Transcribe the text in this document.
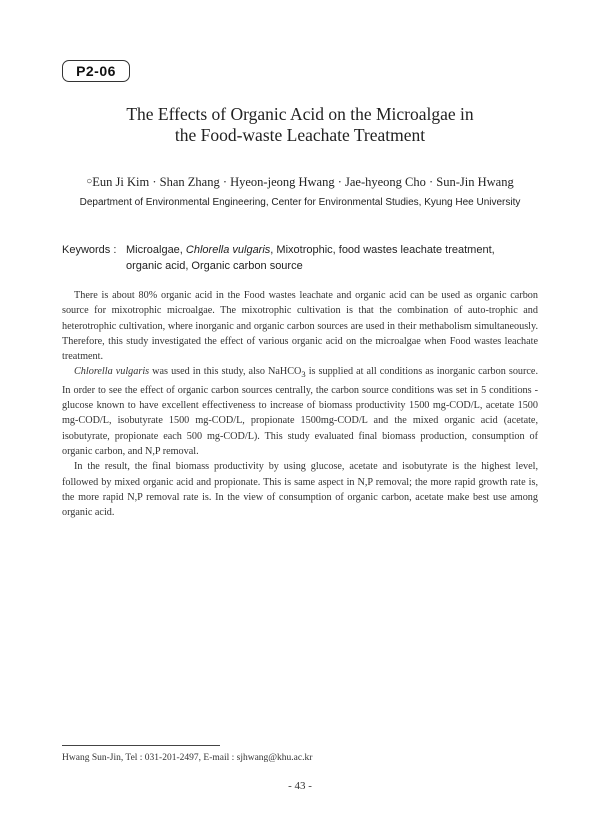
P2-06
The Effects of Organic Acid on the Microalgae in
the Food-waste Leachate Treatment
○Eun Ji Kim · Shan Zhang · Hyeon-jeong Hwang · Jae-hyeong Cho · Sun-Jin Hwang
Department of Environmental Engineering, Center for Environmental Studies, Kyung Hee University
Keywords : Microalgae, Chlorella vulgaris, Mixotrophic, food wastes leachate treatment,
organic acid, Organic carbon source

There is about 80% organic acid in the Food wastes leachate and organic acid can be used as organic carbon source for mixotrophic microalgae. The mixotrophic cultivation is that the combination of auto-trophic and heterotrophic cultivation, where inorganic and organic carbon sources are used in their methabolism simultaneously. Therefore, this study investigated the effect of various organic acid on the microalgae when Food wastes leachate treatment.

Chlorella vulgaris was used in this study, also NaHCO$_3$ is supplied at all conditions as inorganic carbon source. In order to see the effect of organic carbon sources centrally, the carbon source conditions was set in 5 conditions - glucose known to have excellent effectiveness to increase of biomass productivity 1500 mg-COD/L, acetate 1500 mg-COD/L, isobutyrate 1500 mg-COD/L, propionate 1500mg-COD/L and the mixed organic acid (acetate, isobutyrate, propionate each 500 mg-COD/L). This study evaluated final biomass production, consumption of organic carbon, and N,P removal.

In the result, the final biomass productivity by using glucose, acetate and isobutyrate is the highest level, followed by mixed organic acid and propionate. This is same aspect in N,P removal; the more rapid growth rate is, the more rapid N,P removal rate is. In the view of consumption of organic carbon, acetate make best use among organic acid.

Hwang Sun-Jin, Tel : 031-201-2497, E-mail : sjhwang@khu.ac.kr
- 43 -
